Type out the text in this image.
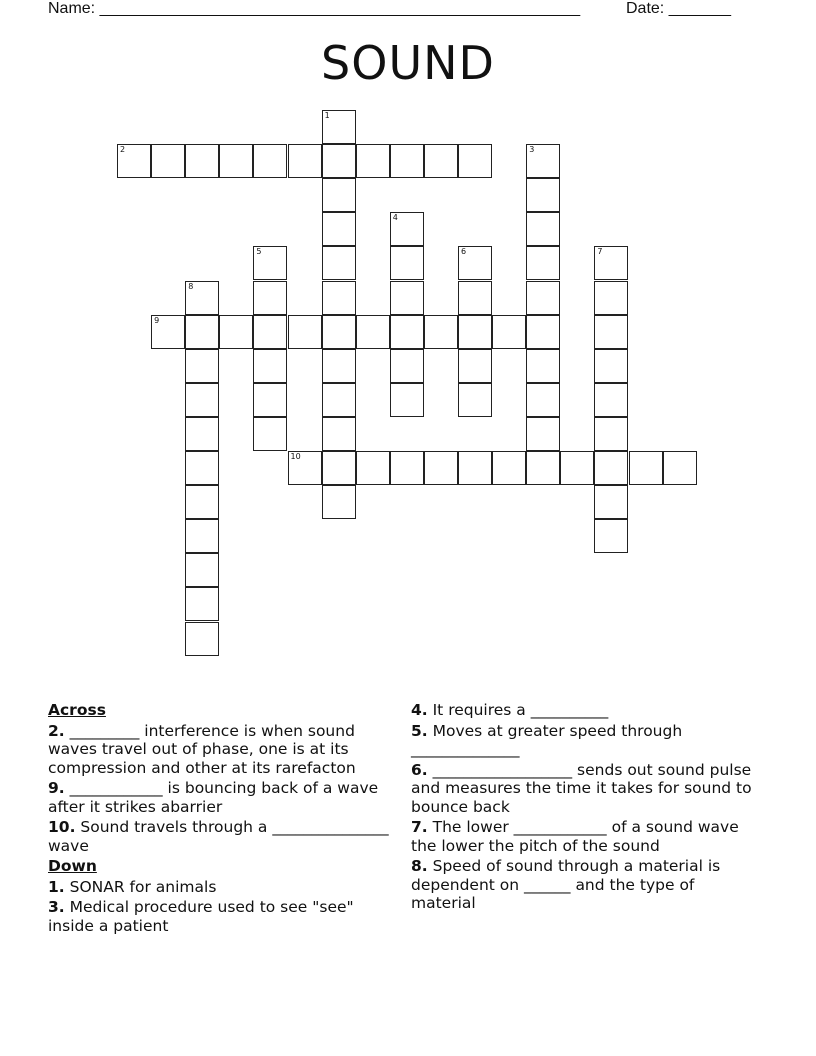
Name: ______________________________________________________	Date: _______
SOUND
1
2	3
4
5	6	7
8
9
10
Across
2. _________ interference is when sound waves travel out of phase, one is at its compression and other at its rarefacton
9. ____________ is bouncing back of a wave after it strikes abarrier
10. Sound travels through a _______________ wave
Down
1. SONAR for animals
3. Medical procedure used to see "see" inside a patient
4. It requires a __________
5. Moves at greater speed through ______________
6. __________________ sends out sound pulse and measures the time it takes for sound to bounce back
7. The lower ____________ of a sound wave the lower the pitch of the sound
8. Speed of sound through a material is dependent on ______ and the type of material
